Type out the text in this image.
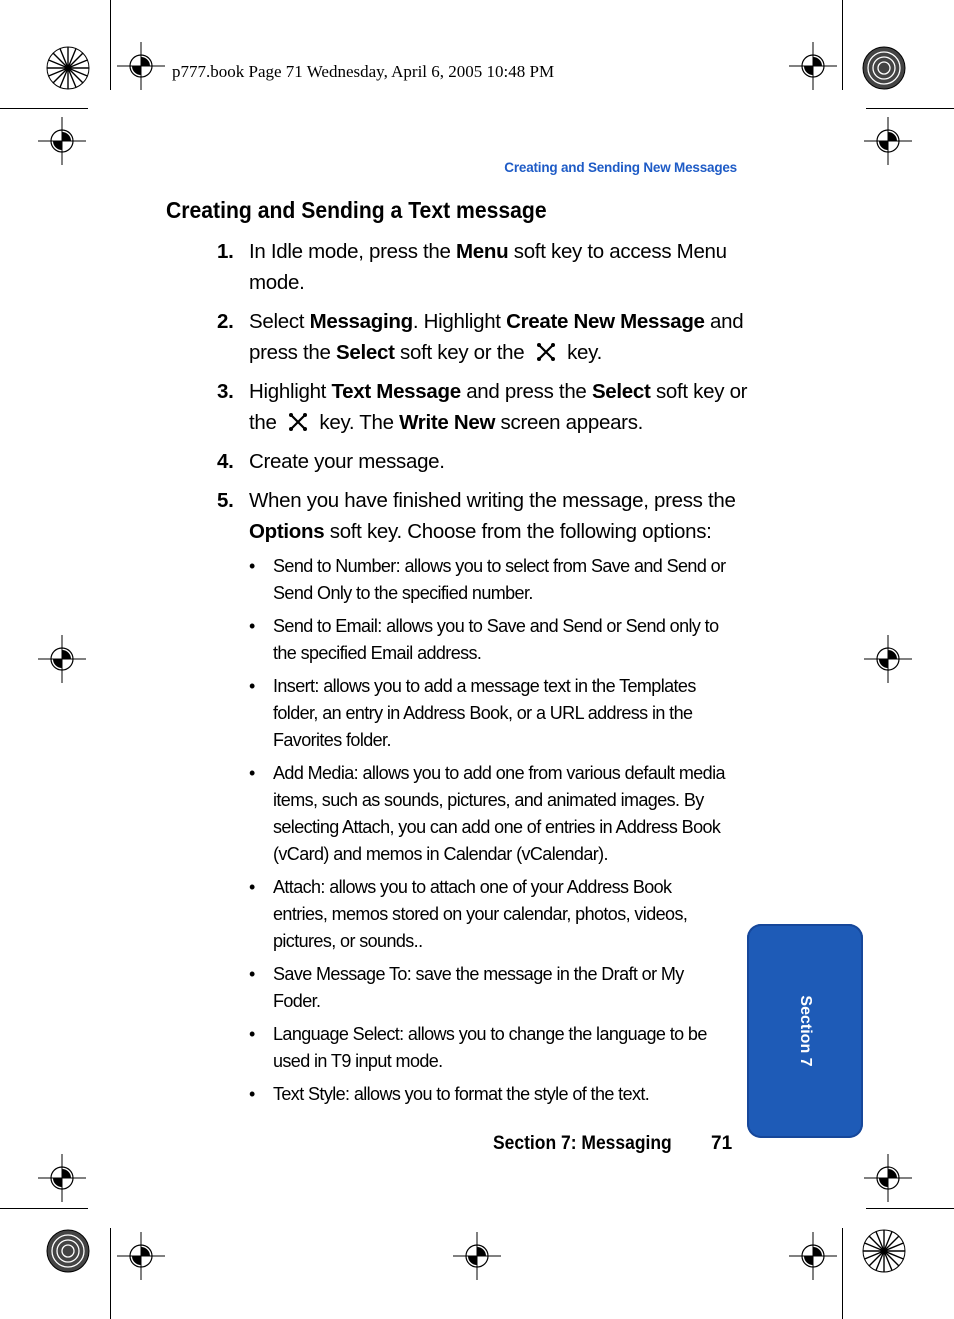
p777.book Page 71 Wednesday, April 6, 2005 10:48 PM
Creating and Sending New Messages
Creating and Sending a Text message
1. In Idle mode, press the Menu soft key to access Menu mode.
2. Select Messaging. Highlight Create New Message and press the Select soft key or the  key.
3. Highlight Text Message and press the Select soft key or the  key. The Write New screen appears.
4. Create your message.
5. When you have finished writing the message, press the Options soft key. Choose from the following options:
• Send to Number: allows you to select from Save and Send or Send Only to the specified number.
• Send to Email: allows you to Save and Send or Send only to the specified Email address.
• Insert: allows you to add a message text in the Templates folder, an entry in Address Book, or a URL address in the Favorites folder.
• Add Media: allows you to add one from various default media items, such as sounds, pictures, and animated images. By selecting Attach, you can add one of entries in Address Book (vCard) and memos in Calendar (vCalendar).
• Attach: allows you to attach one of your Address Book entries, memos stored on your calendar, photos, videos, pictures, or sounds..
• Save Message To: save the message in the Draft or My Foder.
• Language Select: allows you to change the language to be used in T9 input mode.
• Text Style: allows you to format the style of the text.
Section 7
Section 7: Messaging 71
